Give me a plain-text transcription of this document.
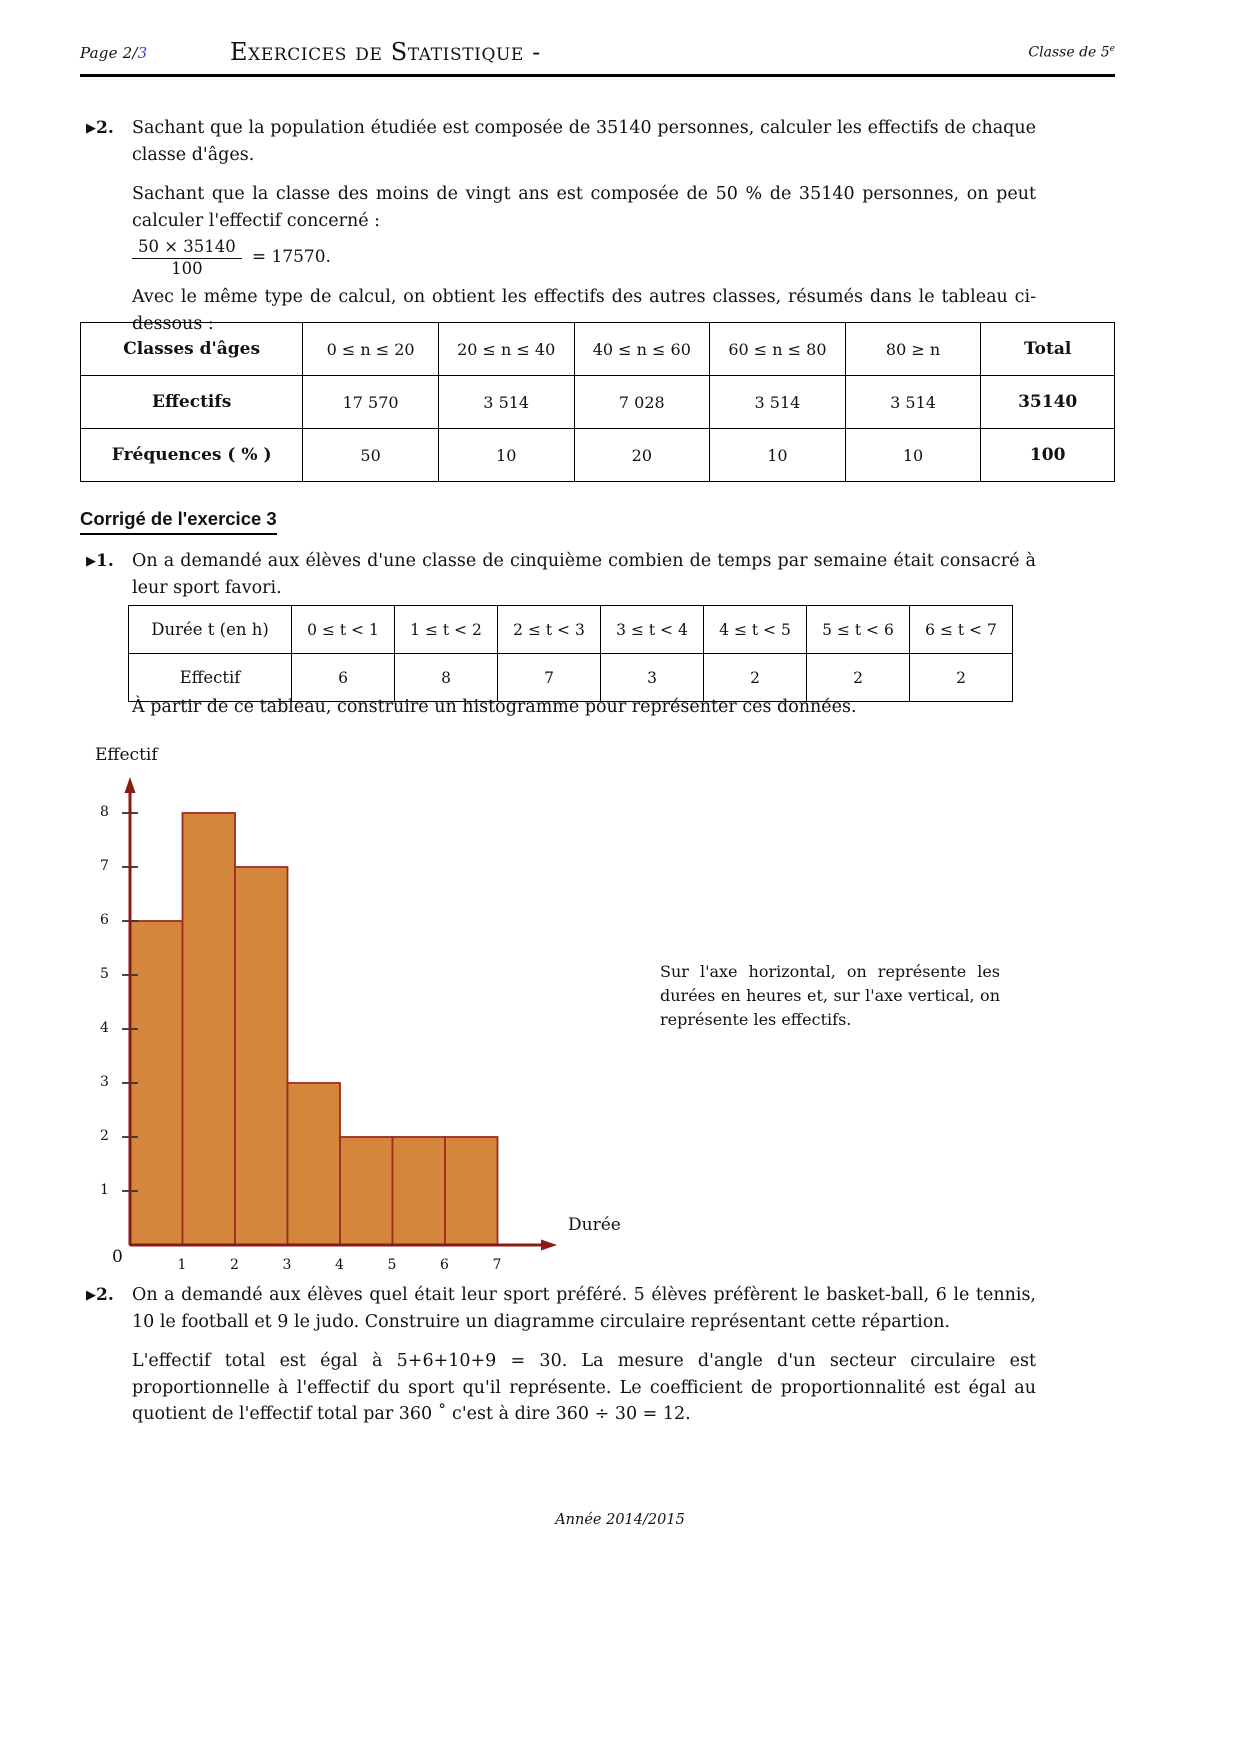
Page 2/3	Exercices de Statistique -	Classe de 5e
▶2.	Sachant que la population étudiée est composée de 35140 personnes, calculer les effectifs de chaque classe d'âges.

Sachant que la classe des moins de vingt ans est composée de 50 % de 35140 personnes, on peut calculer l'effectif concerné :

$\frac{50 \times 35140}{100} = 17570$.

Avec le même type de calcul, on obtient les effectifs des autres classes, résumés dans le tableau ci-dessous :

Classes d'âges	0 ≤ n ≤ 20	20 ≤ n ≤ 40	40 ≤ n ≤ 60	60 ≤ n ≤ 80	80 ≥ n	Total
Effectifs	17 570	3 514	7 028	3 514	3 514	35140
Fréquences ( % )	50	10	20	10	10	100
Corrigé de l'exercice 3
▶1.	On a demandé aux élèves d'une classe de cinquième combien de temps par semaine était consacré à leur sport favori.

Durée t (en h)	0 ≤ t < 1	1 ≤ t < 2	2 ≤ t < 3	3 ≤ t < 4	4 ≤ t < 5	5 ≤ t < 6	6 ≤ t < 7
Effectif	6	8	7	3	2	2	2
À partir de ce tableau, construire un histogramme pour représenter ces données.
Effectif
1
2
3
4
5
6
7
8
1	2	3	4	5	6	7
0
Durée
Sur l'axe horizontal, on représente les durées en heures et, sur l'axe vertical, on représente les effectifs.
▶2.	On a demandé aux élèves quel était leur sport préféré. 5 élèves préfèrent le basket-ball, 6 le tennis, 10 le football et 9 le judo. Construire un diagramme circulaire représentant cette répartion.

L'effectif total est égal à 5+6+10+9 = 30. La mesure d'angle d'un secteur circulaire est proportionnelle à l'effectif du sport qu'il représente. Le coefficient de proportionnalité est égal au quotient de l'effectif total par 360 ˚ c'est à dire 360 ÷ 30 = 12.

Année 2014/2015
